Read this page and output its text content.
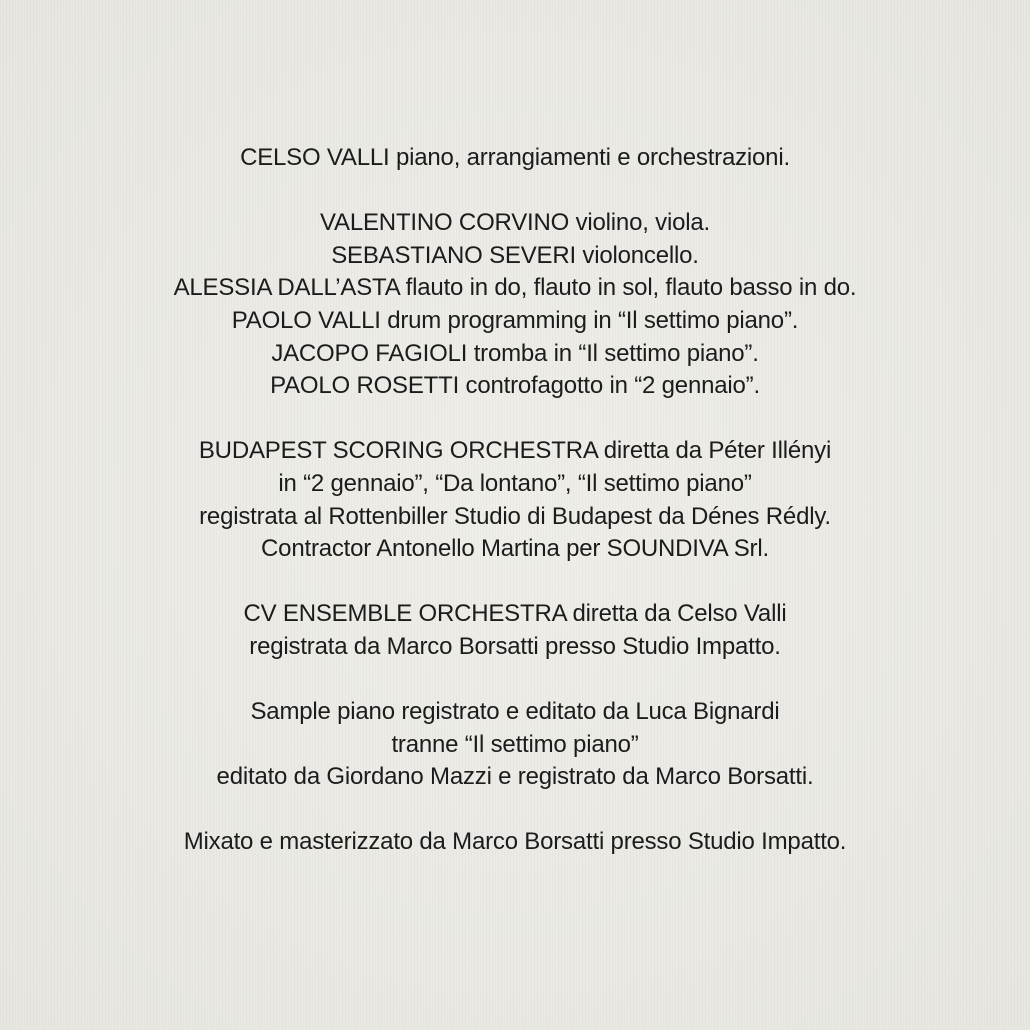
CELSO VALLI piano, arrangiamenti e orchestrazioni.
VALENTINO CORVINO violino, viola.
SEBASTIANO SEVERI violoncello.
ALESSIA DALL’ASTA flauto in do, flauto in sol, flauto basso in do.
PAOLO VALLI drum programming in “Il settimo piano”.
JACOPO FAGIOLI tromba in “Il settimo piano”.
PAOLO ROSETTI controfagotto in “2 gennaio”.
BUDAPEST SCORING ORCHESTRA diretta da Péter Illényi
in “2 gennaio”, “Da lontano”, “Il settimo piano”
registrata al Rottenbiller Studio di Budapest da Dénes Rédly.
Contractor Antonello Martina per SOUNDIVA Srl.
CV ENSEMBLE ORCHESTRA diretta da Celso Valli
registrata da Marco Borsatti presso Studio Impatto.
Sample piano registrato e editato da Luca Bignardi
tranne “Il settimo piano”
editato da Giordano Mazzi e registrato da Marco Borsatti.
Mixato e masterizzato da Marco Borsatti presso Studio Impatto.
